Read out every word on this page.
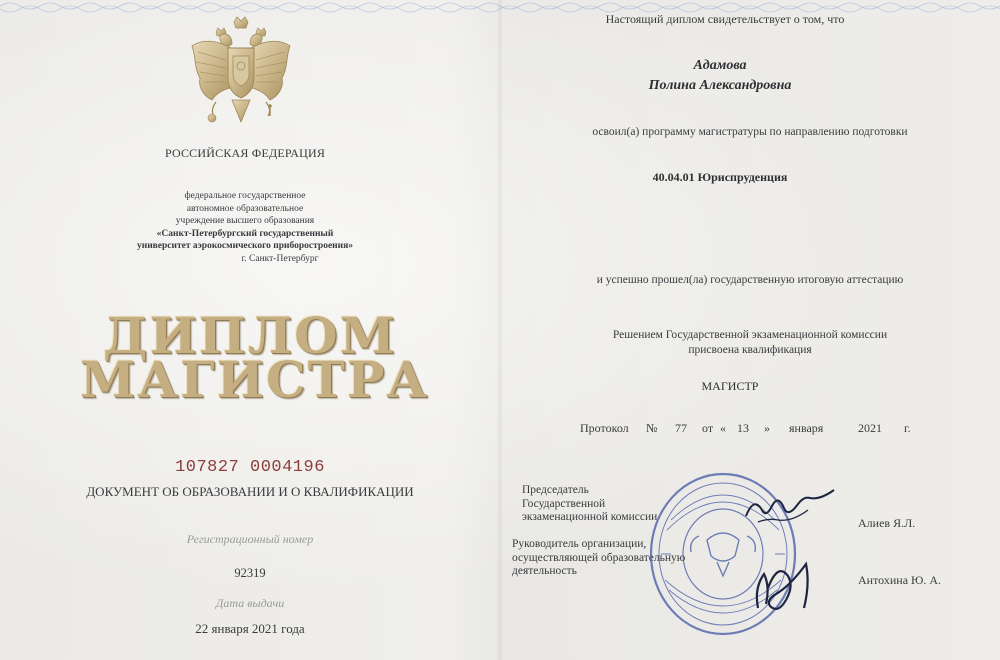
РОССИЙСКАЯ ФЕДЕРАЦИЯ
федеральное государственное
автономное образовательное
учреждение высшего образования
«Санкт-Петербургский государственный
университет аэрокосмического приборостроения»
г. Санкт-Петербург
ДИПЛОМ
МАГИСТРА
107827 0004196
ДОКУМЕНТ ОБ ОБРАЗОВАНИИ И О КВАЛИФИКАЦИИ
Регистрационный номер
92319
Дата выдачи
22 января 2021 года
Настоящий диплом свидетельствует о том, что
Адамова
Полина Александровна
освоил(а) программу магистратуры по направлению подготовки
40.04.01 Юриспруденция
и успешно прошел(ла) государственную итоговую аттестацию
Решением Государственной экзаменационной комиссии
присвоена квалификация
МАГИСТР
Протокол № 77 от « 13 » января	2021 г.
Председатель
Государственной
экзаменационной комиссии
Руководитель организации,
осуществляющей образовательную
деятельность
Алиев Я.Л.
Антохина Ю. А.
